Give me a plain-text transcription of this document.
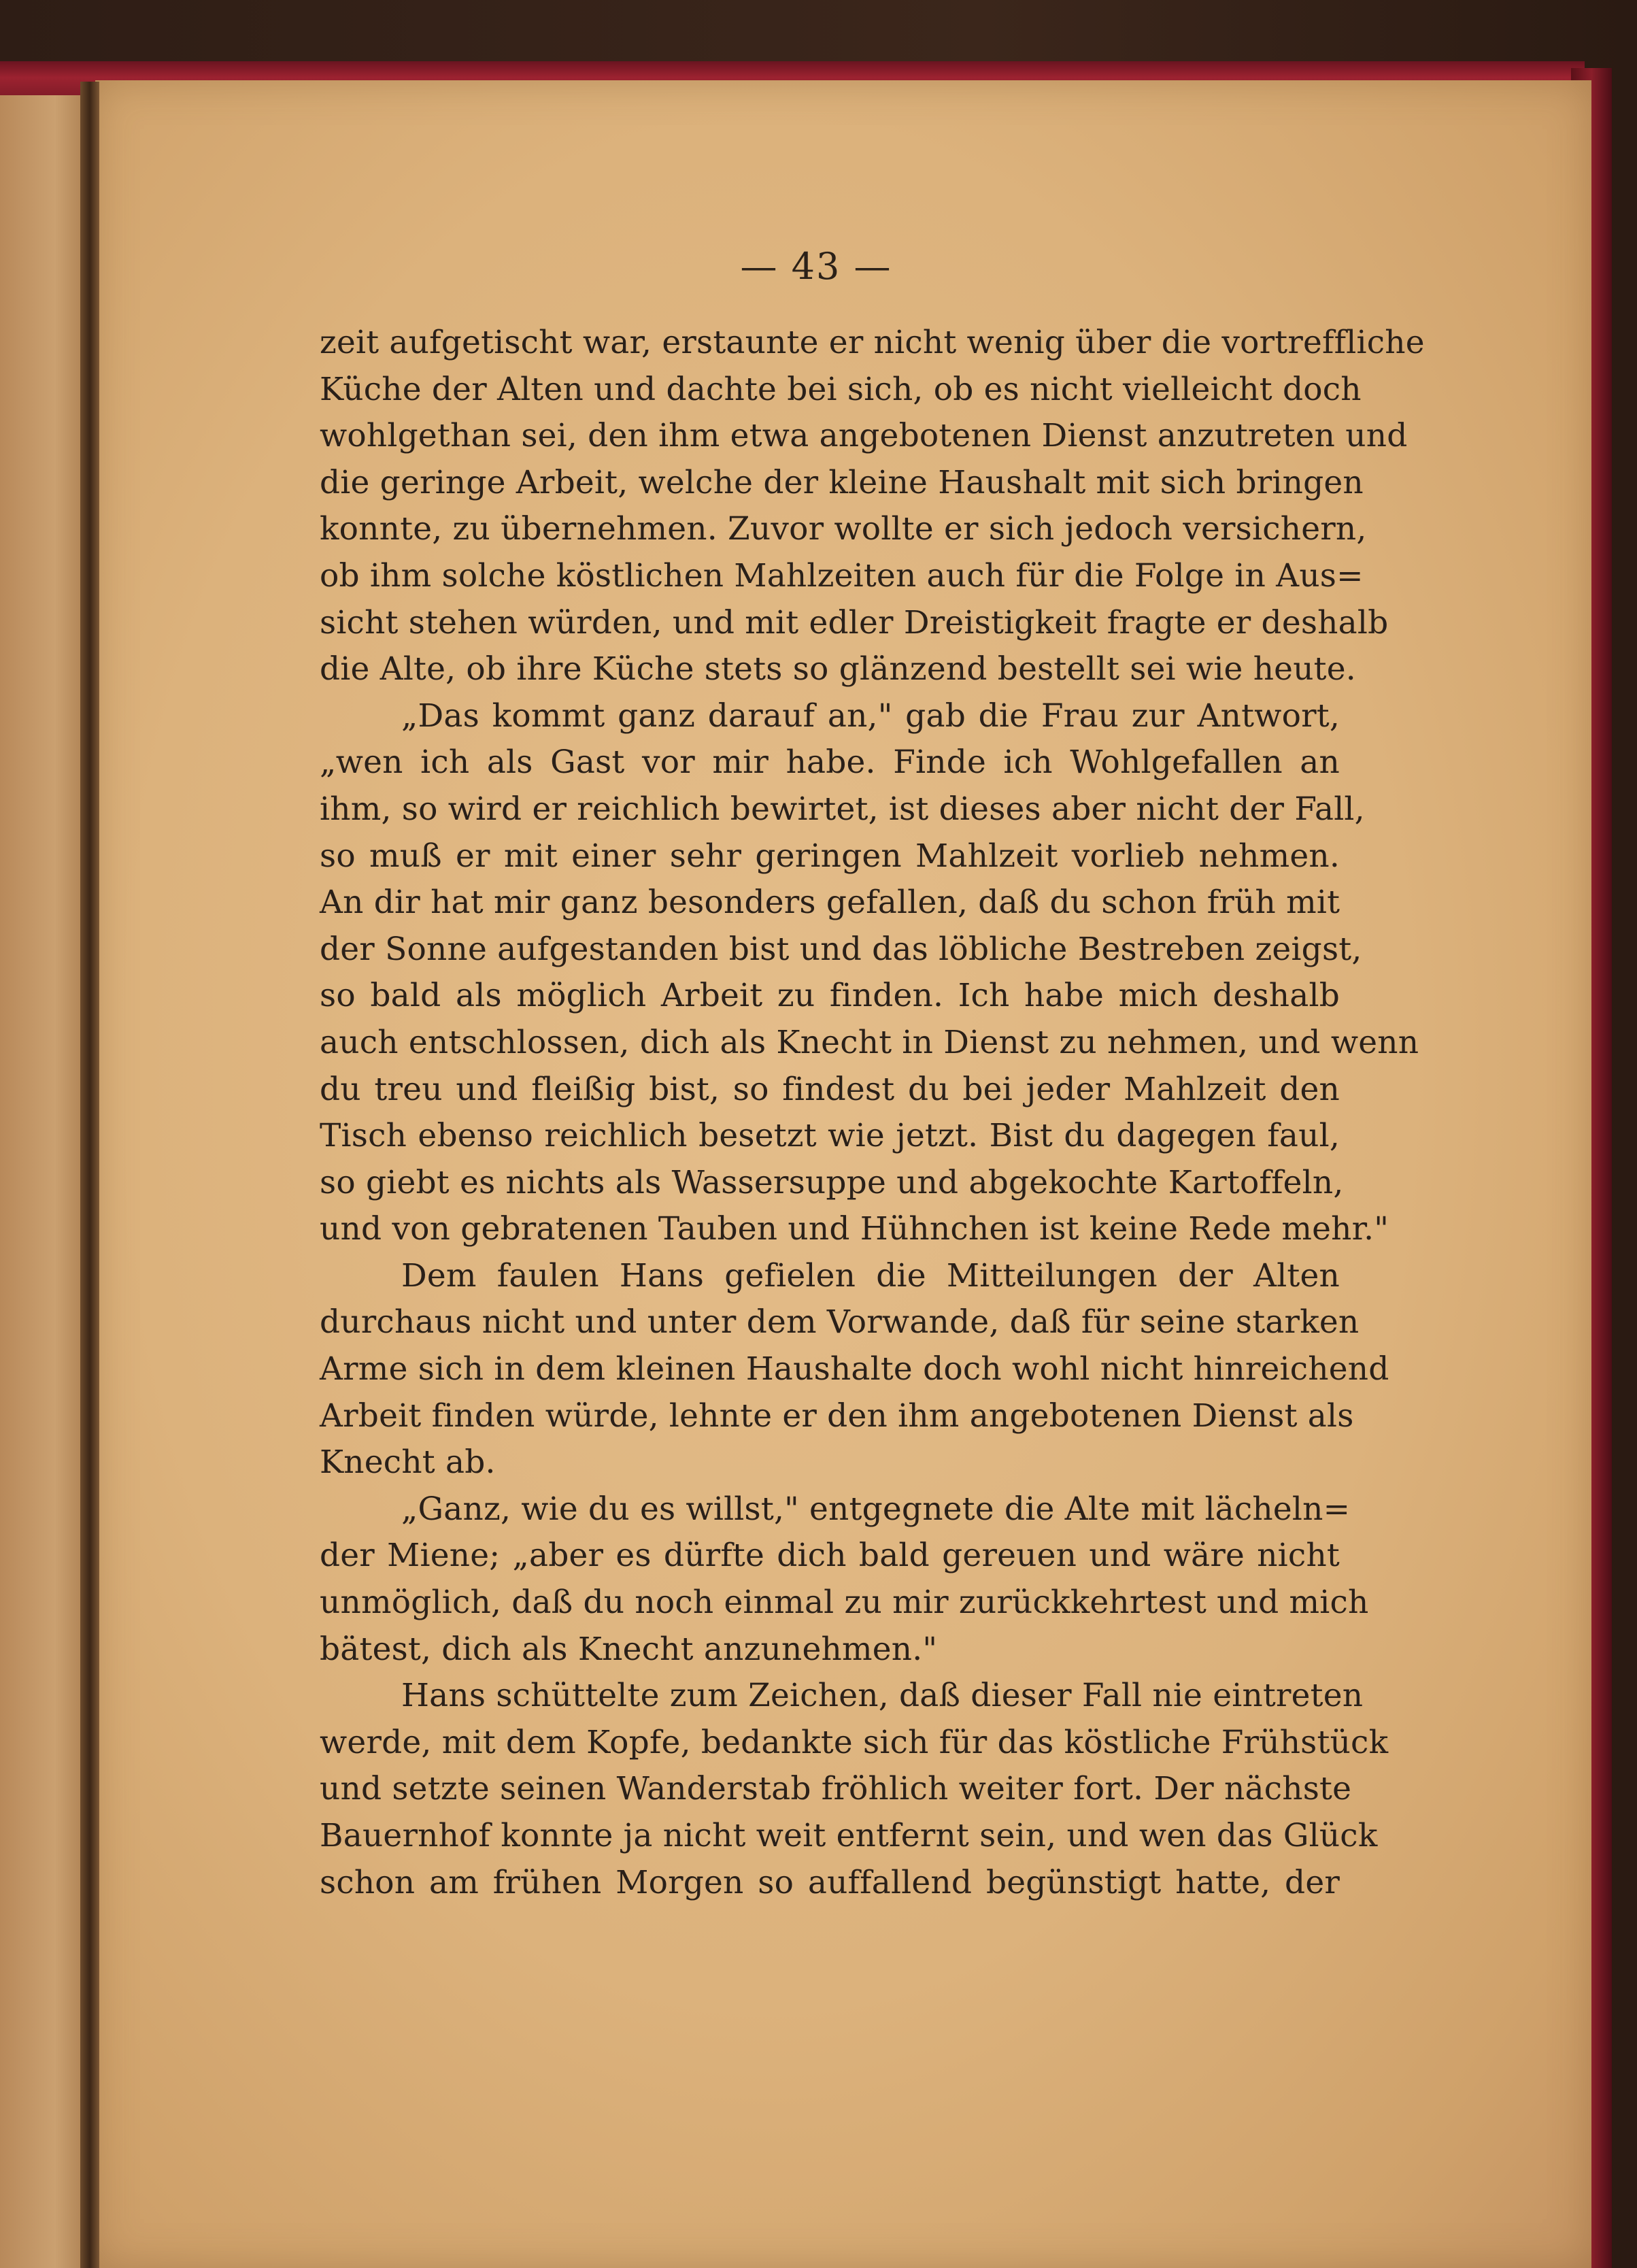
— 43 —
zeit aufgetischt war, erstaunte er nicht wenig über die vortreffliche
Küche der Alten und dachte bei sich, ob es nicht vielleicht doch
wohlgethan sei, den ihm etwa angebotenen Dienst anzutreten und
die geringe Arbeit, welche der kleine Haushalt mit sich bringen
konnte, zu übernehmen. Zuvor wollte er sich jedoch versichern,
ob ihm solche köstlichen Mahlzeiten auch für die Folge in Aus=
sicht stehen würden, und mit edler Dreistigkeit fragte er deshalb
die Alte, ob ihre Küche stets so glänzend bestellt sei wie heute.
„Das kommt ganz darauf an," gab die Frau zur Antwort,
„wen ich als Gast vor mir habe. Finde ich Wohlgefallen an
ihm, so wird er reichlich bewirtet, ist dieses aber nicht der Fall,
so muß er mit einer sehr geringen Mahlzeit vorlieb nehmen.
An dir hat mir ganz besonders gefallen, daß du schon früh mit
der Sonne aufgestanden bist und das löbliche Bestreben zeigst,
so bald als möglich Arbeit zu finden. Ich habe mich deshalb
auch entschlossen, dich als Knecht in Dienst zu nehmen, und wenn
du treu und fleißig bist, so findest du bei jeder Mahlzeit den
Tisch ebenso reichlich besetzt wie jetzt. Bist du dagegen faul,
so giebt es nichts als Wassersuppe und abgekochte Kartoffeln,
und von gebratenen Tauben und Hühnchen ist keine Rede mehr."
Dem faulen Hans gefielen die Mitteilungen der Alten
durchaus nicht und unter dem Vorwande, daß für seine starken
Arme sich in dem kleinen Haushalte doch wohl nicht hinreichend
Arbeit finden würde, lehnte er den ihm angebotenen Dienst als
Knecht ab.
„Ganz, wie du es willst," entgegnete die Alte mit lächeln=
der Miene; „aber es dürfte dich bald gereuen und wäre nicht
unmöglich, daß du noch einmal zu mir zurückkehrtest und mich
bätest, dich als Knecht anzunehmen."
Hans schüttelte zum Zeichen, daß dieser Fall nie eintreten
werde, mit dem Kopfe, bedankte sich für das köstliche Frühstück
und setzte seinen Wanderstab fröhlich weiter fort. Der nächste
Bauernhof konnte ja nicht weit entfernt sein, und wen das Glück
schon am frühen Morgen so auffallend begünstigt hatte, der
